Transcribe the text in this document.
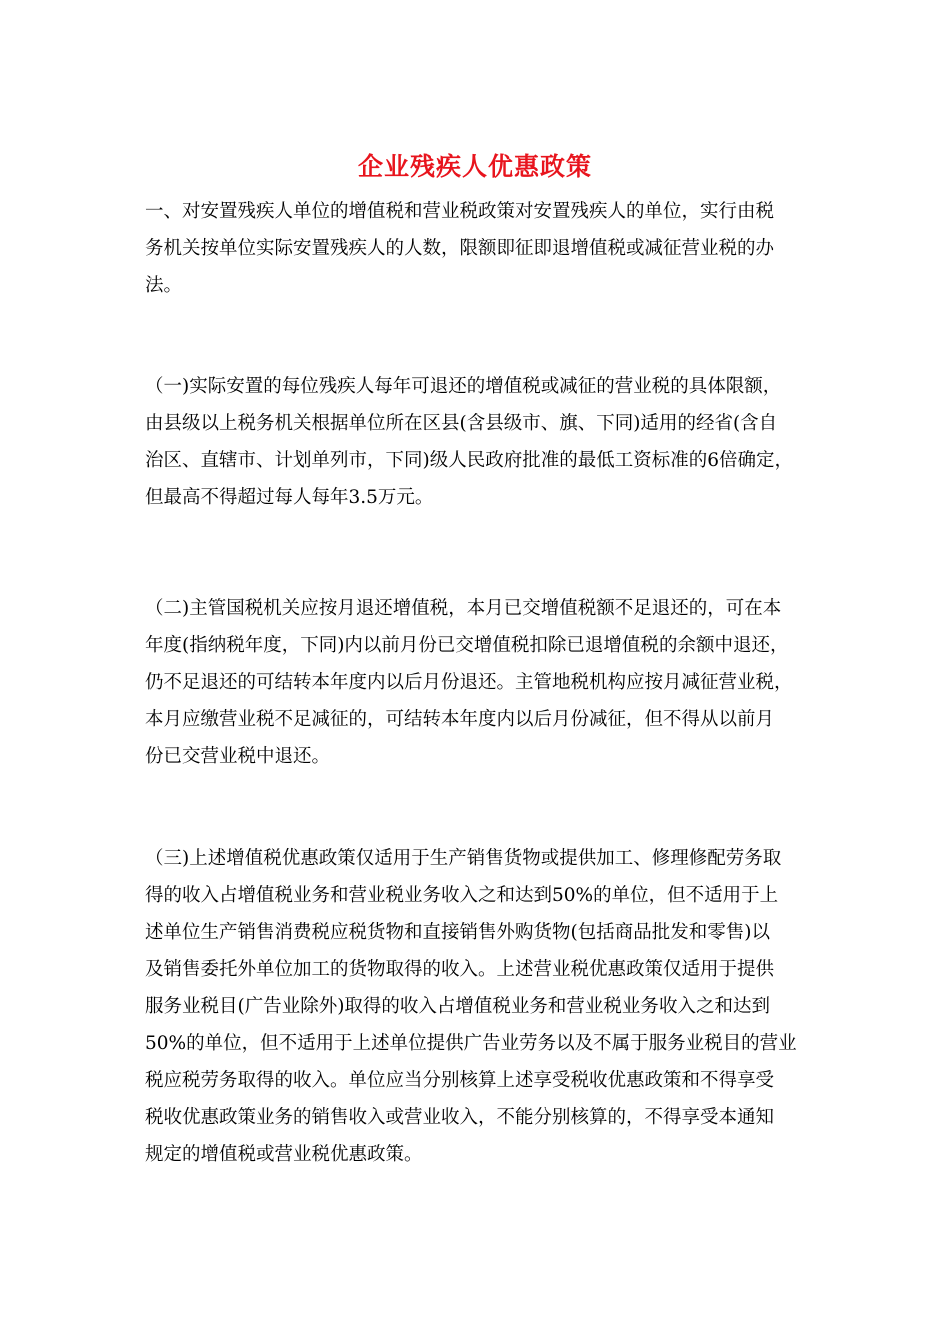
企业残疾人优惠政策
一、对安置残疾人单位的增值税和营业税政策对安置残疾人的单位，实行由税
务机关按单位实际安置残疾人的人数，限额即征即退增值税或减征营业税的办
法。
（一)实际安置的每位残疾人每年可退还的增值税或减征的营业税的具体限额，
由县级以上税务机关根据单位所在区县(含县级市、旗、下同)适用的经省(含自
治区、直辖市、计划单列市，下同)级人民政府批准的最低工资标准的6倍确定，
但最高不得超过每人每年3.5万元。
（二)主管国税机关应按月退还增值税，本月已交增值税额不足退还的，可在本
年度(指纳税年度，下同)内以前月份已交增值税扣除已退增值税的余额中退还，
仍不足退还的可结转本年度内以后月份退还。主管地税机构应按月减征营业税，
本月应缴营业税不足减征的，可结转本年度内以后月份减征，但不得从以前月
份已交营业税中退还。
（三)上述增值税优惠政策仅适用于生产销售货物或提供加工、修理修配劳务取
得的收入占增值税业务和营业税业务收入之和达到50%的单位，但不适用于上
述单位生产销售消费税应税货物和直接销售外购货物(包括商品批发和零售)以
及销售委托外单位加工的货物取得的收入。上述营业税优惠政策仅适用于提供
服务业税目(广告业除外)取得的收入占增值税业务和营业税业务收入之和达到
50%的单位，但不适用于上述单位提供广告业劳务以及不属于服务业税目的营业
税应税劳务取得的收入。单位应当分别核算上述享受税收优惠政策和不得享受
税收优惠政策业务的销售收入或营业收入，不能分别核算的，不得享受本通知
规定的增值税或营业税优惠政策。
